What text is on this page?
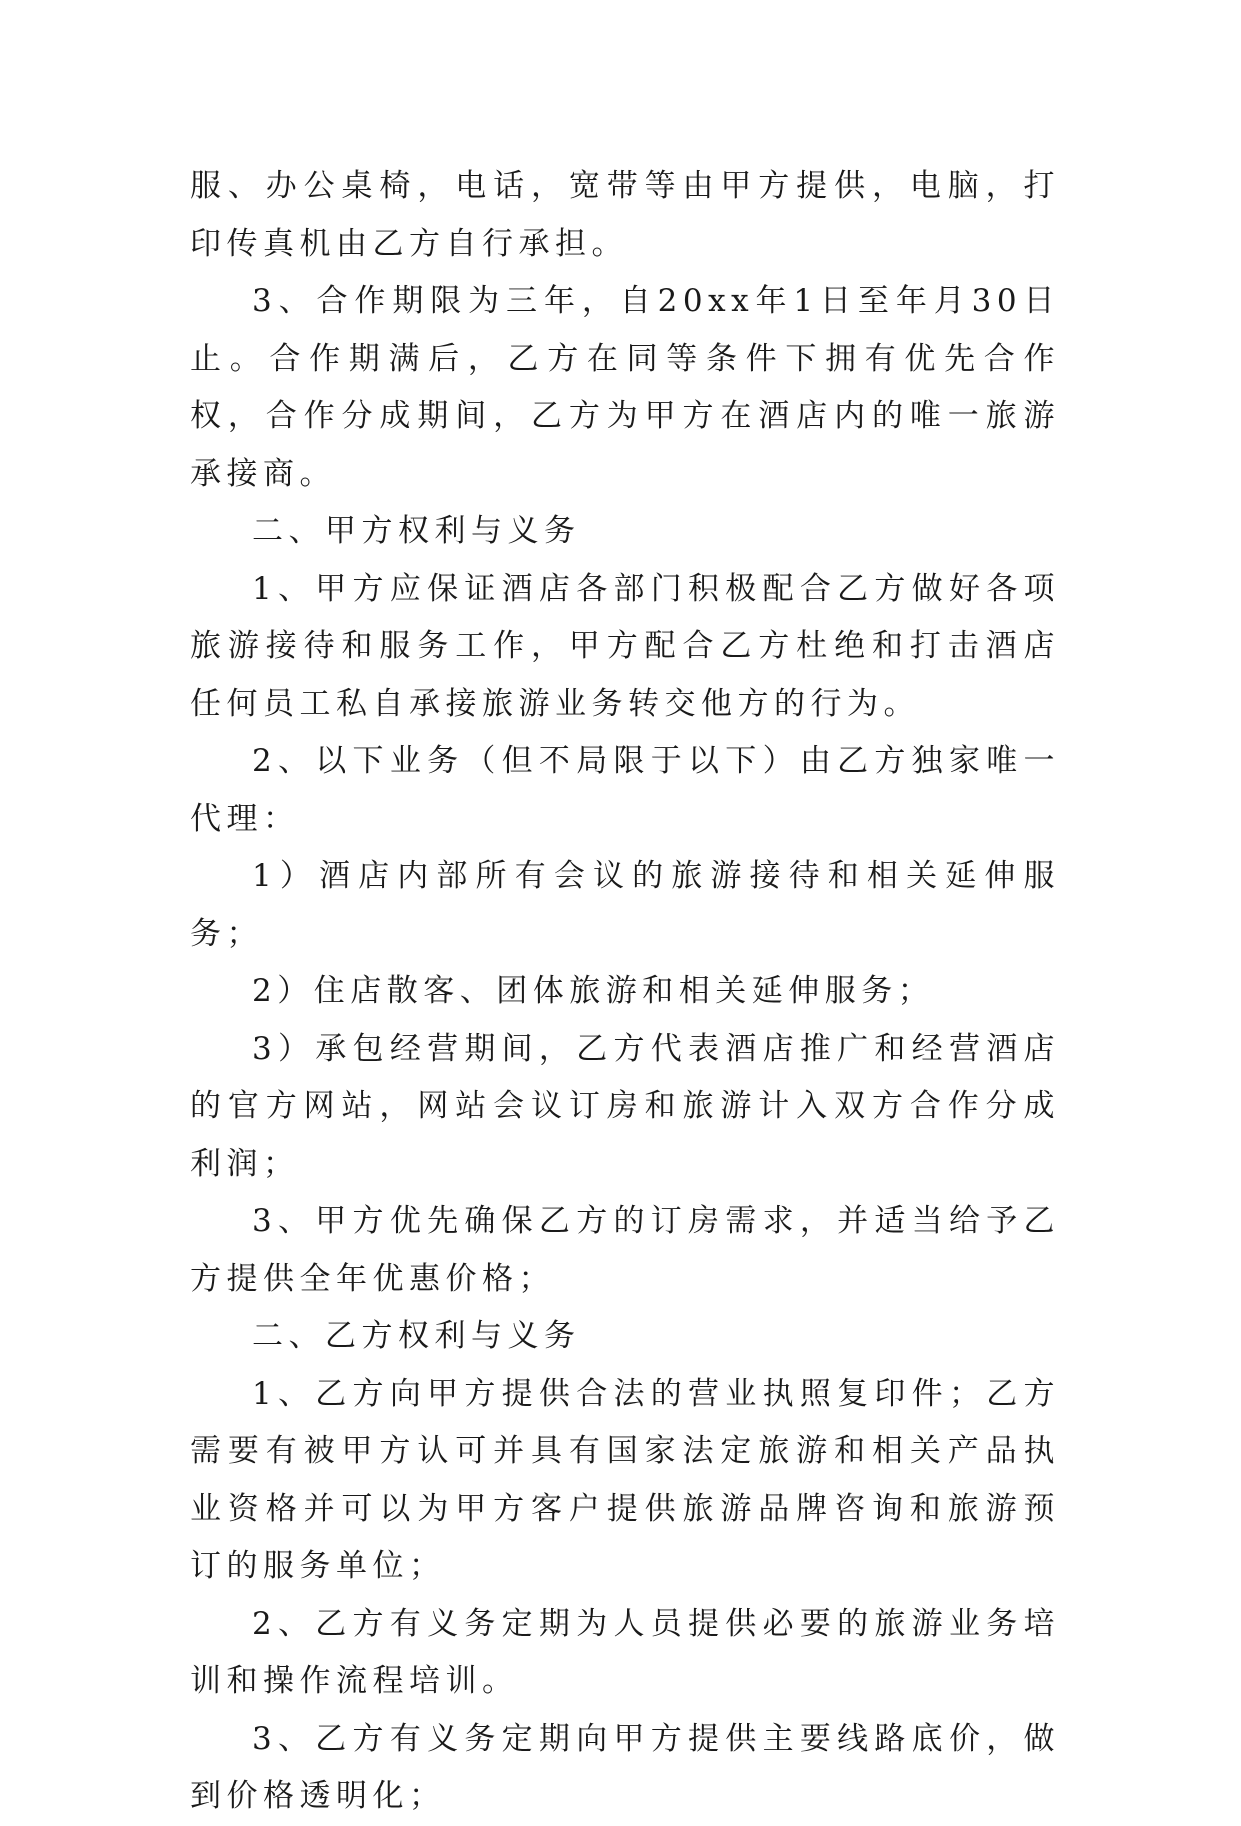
服、办公桌椅，电话，宽带等由甲方提供，电脑，打印传真机由乙方自行承担。

3、合作期限为三年，自20xx年1日至年月30日止。合作期满后，乙方在同等条件下拥有优先合作权，合作分成期间，乙方为甲方在酒店内的唯一旅游承接商。

二、甲方权利与义务

1、甲方应保证酒店各部门积极配合乙方做好各项旅游接待和服务工作，甲方配合乙方杜绝和打击酒店任何员工私自承接旅游业务转交他方的行为。

2、以下业务（但不局限于以下）由乙方独家唯一代理：

1）酒店内部所有会议的旅游接待和相关延伸服务；

2）住店散客、团体旅游和相关延伸服务；

3）承包经营期间，乙方代表酒店推广和经营酒店的官方网站，网站会议订房和旅游计入双方合作分成利润；

3、甲方优先确保乙方的订房需求，并适当给予乙方提供全年优惠价格；

二、乙方权利与义务

1、乙方向甲方提供合法的营业执照复印件；乙方需要有被甲方认可并具有国家法定旅游和相关产品执业资格并可以为甲方客户提供旅游品牌咨询和旅游预订的服务单位；

2、乙方有义务定期为人员提供必要的旅游业务培训和操作流程培训。

3、乙方有义务定期向甲方提供主要线路底价，做到价格透明化；
